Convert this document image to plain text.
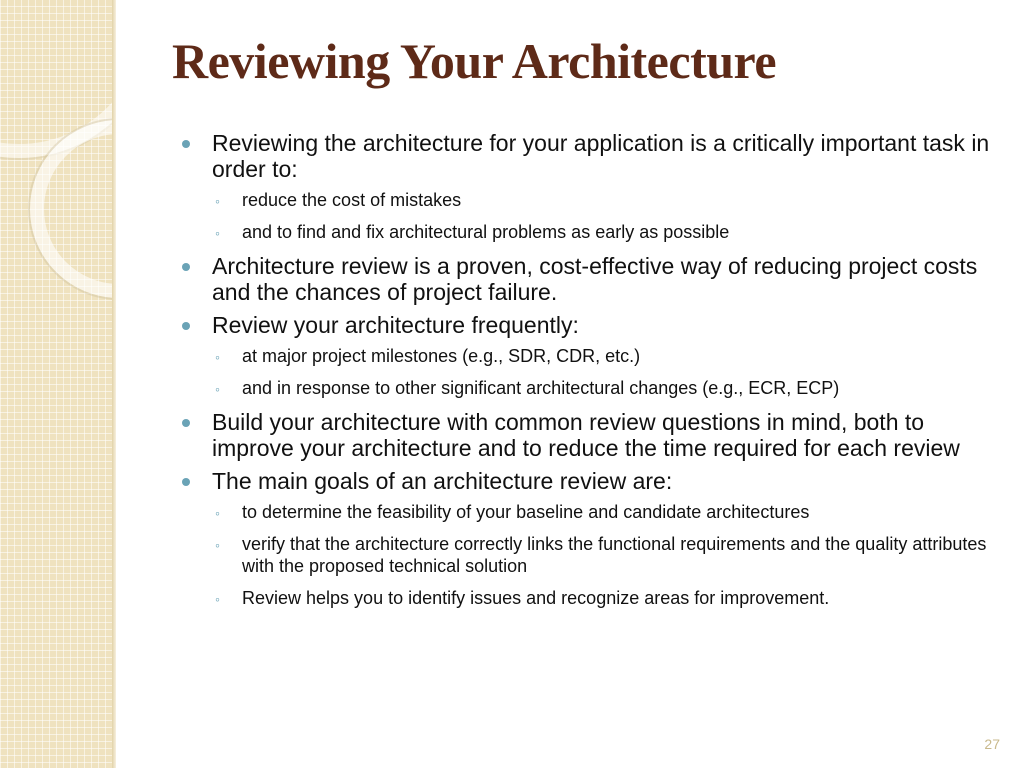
Reviewing Your Architecture
Reviewing the architecture for your application is a critically important task in order to:
◦ reduce the cost of mistakes
◦ and to find and fix architectural problems as early as possible
Architecture review is a proven, cost-effective way of reducing project costs and the chances of project failure.
Review your architecture frequently:
◦ at major project milestones (e.g., SDR, CDR, etc.)
◦ and in response to other significant architectural changes (e.g., ECR, ECP)
Build your architecture with common review questions in mind, both to improve your architecture and to reduce the time required for each review
The main goals of an architecture review are:
◦ to determine the feasibility of your baseline and candidate architectures
◦ verify that the architecture correctly links the functional requirements and the quality attributes with the proposed technical solution
◦ Review helps you to identify issues and recognize areas for improvement.
27
